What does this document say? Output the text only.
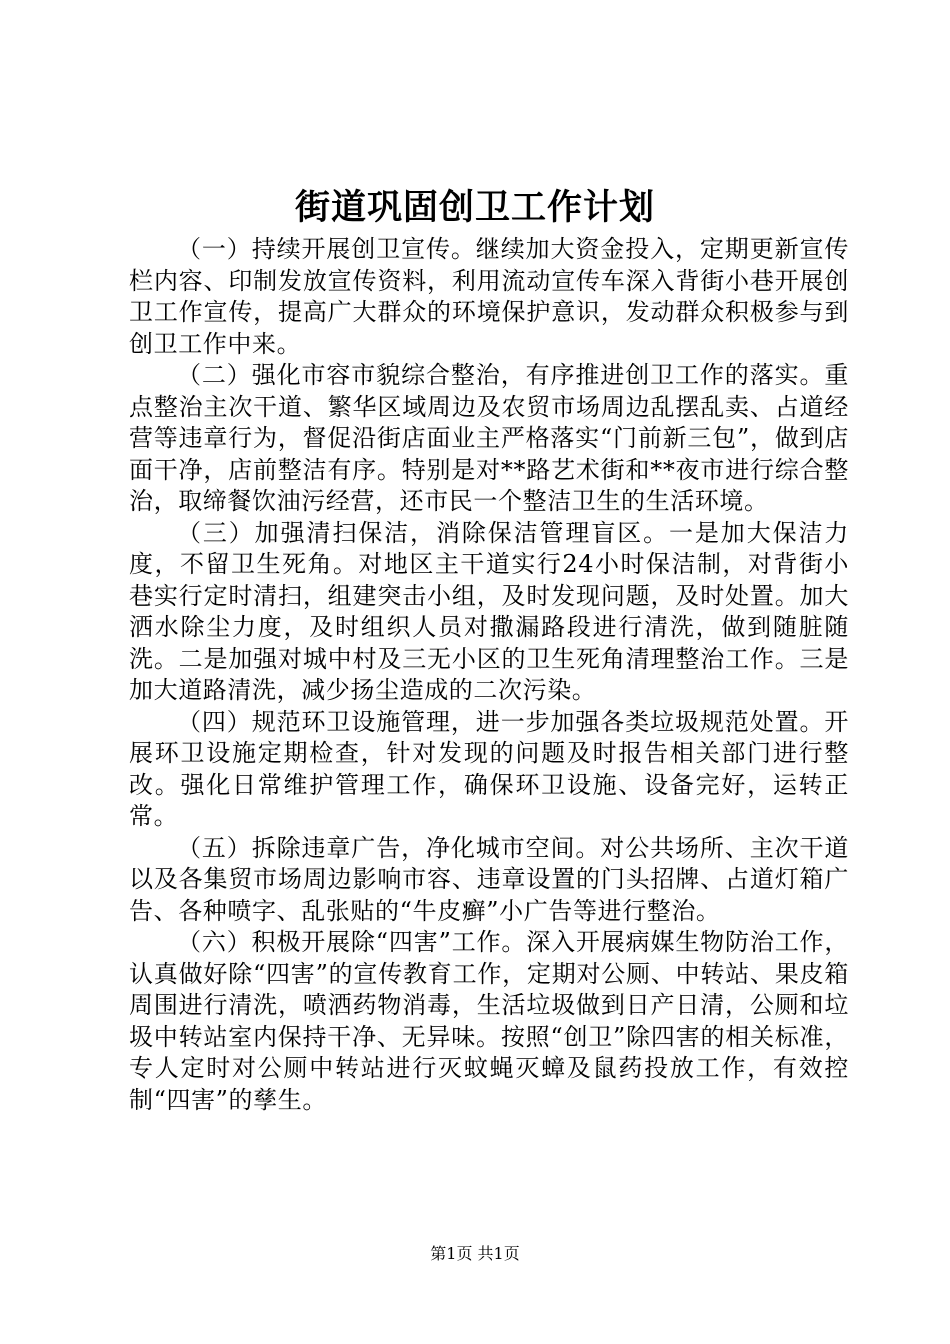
街道巩固创卫工作计划

（一）持续开展创卫宣传。继续加大资金投入，定期更新宣传栏内容、印制发放宣传资料，利用流动宣传车深入背街小巷开展创卫工作宣传，提高广大群众的环境保护意识，发动群众积极参与到创卫工作中来。

（二）强化市容市貌综合整治，有序推进创卫工作的落实。重点整治主次干道、繁华区域周边及农贸市场周边乱摆乱卖、占道经营等违章行为，督促沿街店面业主严格落实“门前新三包”，做到店面干净，店前整洁有序。特别是对**路艺术街和**夜市进行综合整治，取缔餐饮油污经营，还市民一个整洁卫生的生活环境。

（三）加强清扫保洁，消除保洁管理盲区。一是加大保洁力度，不留卫生死角。对地区主干道实行24小时保洁制，对背街小巷实行定时清扫，组建突击小组，及时发现问题，及时处置。加大洒水除尘力度，及时组织人员对撒漏路段进行清洗，做到随脏随洗。二是加强对城中村及三无小区的卫生死角清理整治工作。三是加大道路清洗，减少扬尘造成的二次污染。

（四）规范环卫设施管理，进一步加强各类垃圾规范处置。开展环卫设施定期检查，针对发现的问题及时报告相关部门进行整改。强化日常维护管理工作，确保环卫设施、设备完好，运转正常。

（五）拆除违章广告，净化城市空间。对公共场所、主次干道以及各集贸市场周边影响市容、违章设置的门头招牌、占道灯箱广告、各种喷字、乱张贴的“牛皮癣”小广告等进行整治。

（六）积极开展除“四害”工作。深入开展病媒生物防治工作，认真做好除“四害”的宣传教育工作，定期对公厕、中转站、果皮箱周围进行清洗，喷洒药物消毒，生活垃圾做到日产日清，公厕和垃圾中转站室内保持干净、无异味。按照“创卫”除四害的相关标准，专人定时对公厕中转站进行灭蚊蝇灭蟑及鼠药投放工作，有效控制“四害”的孳生。

第1页 共1页
